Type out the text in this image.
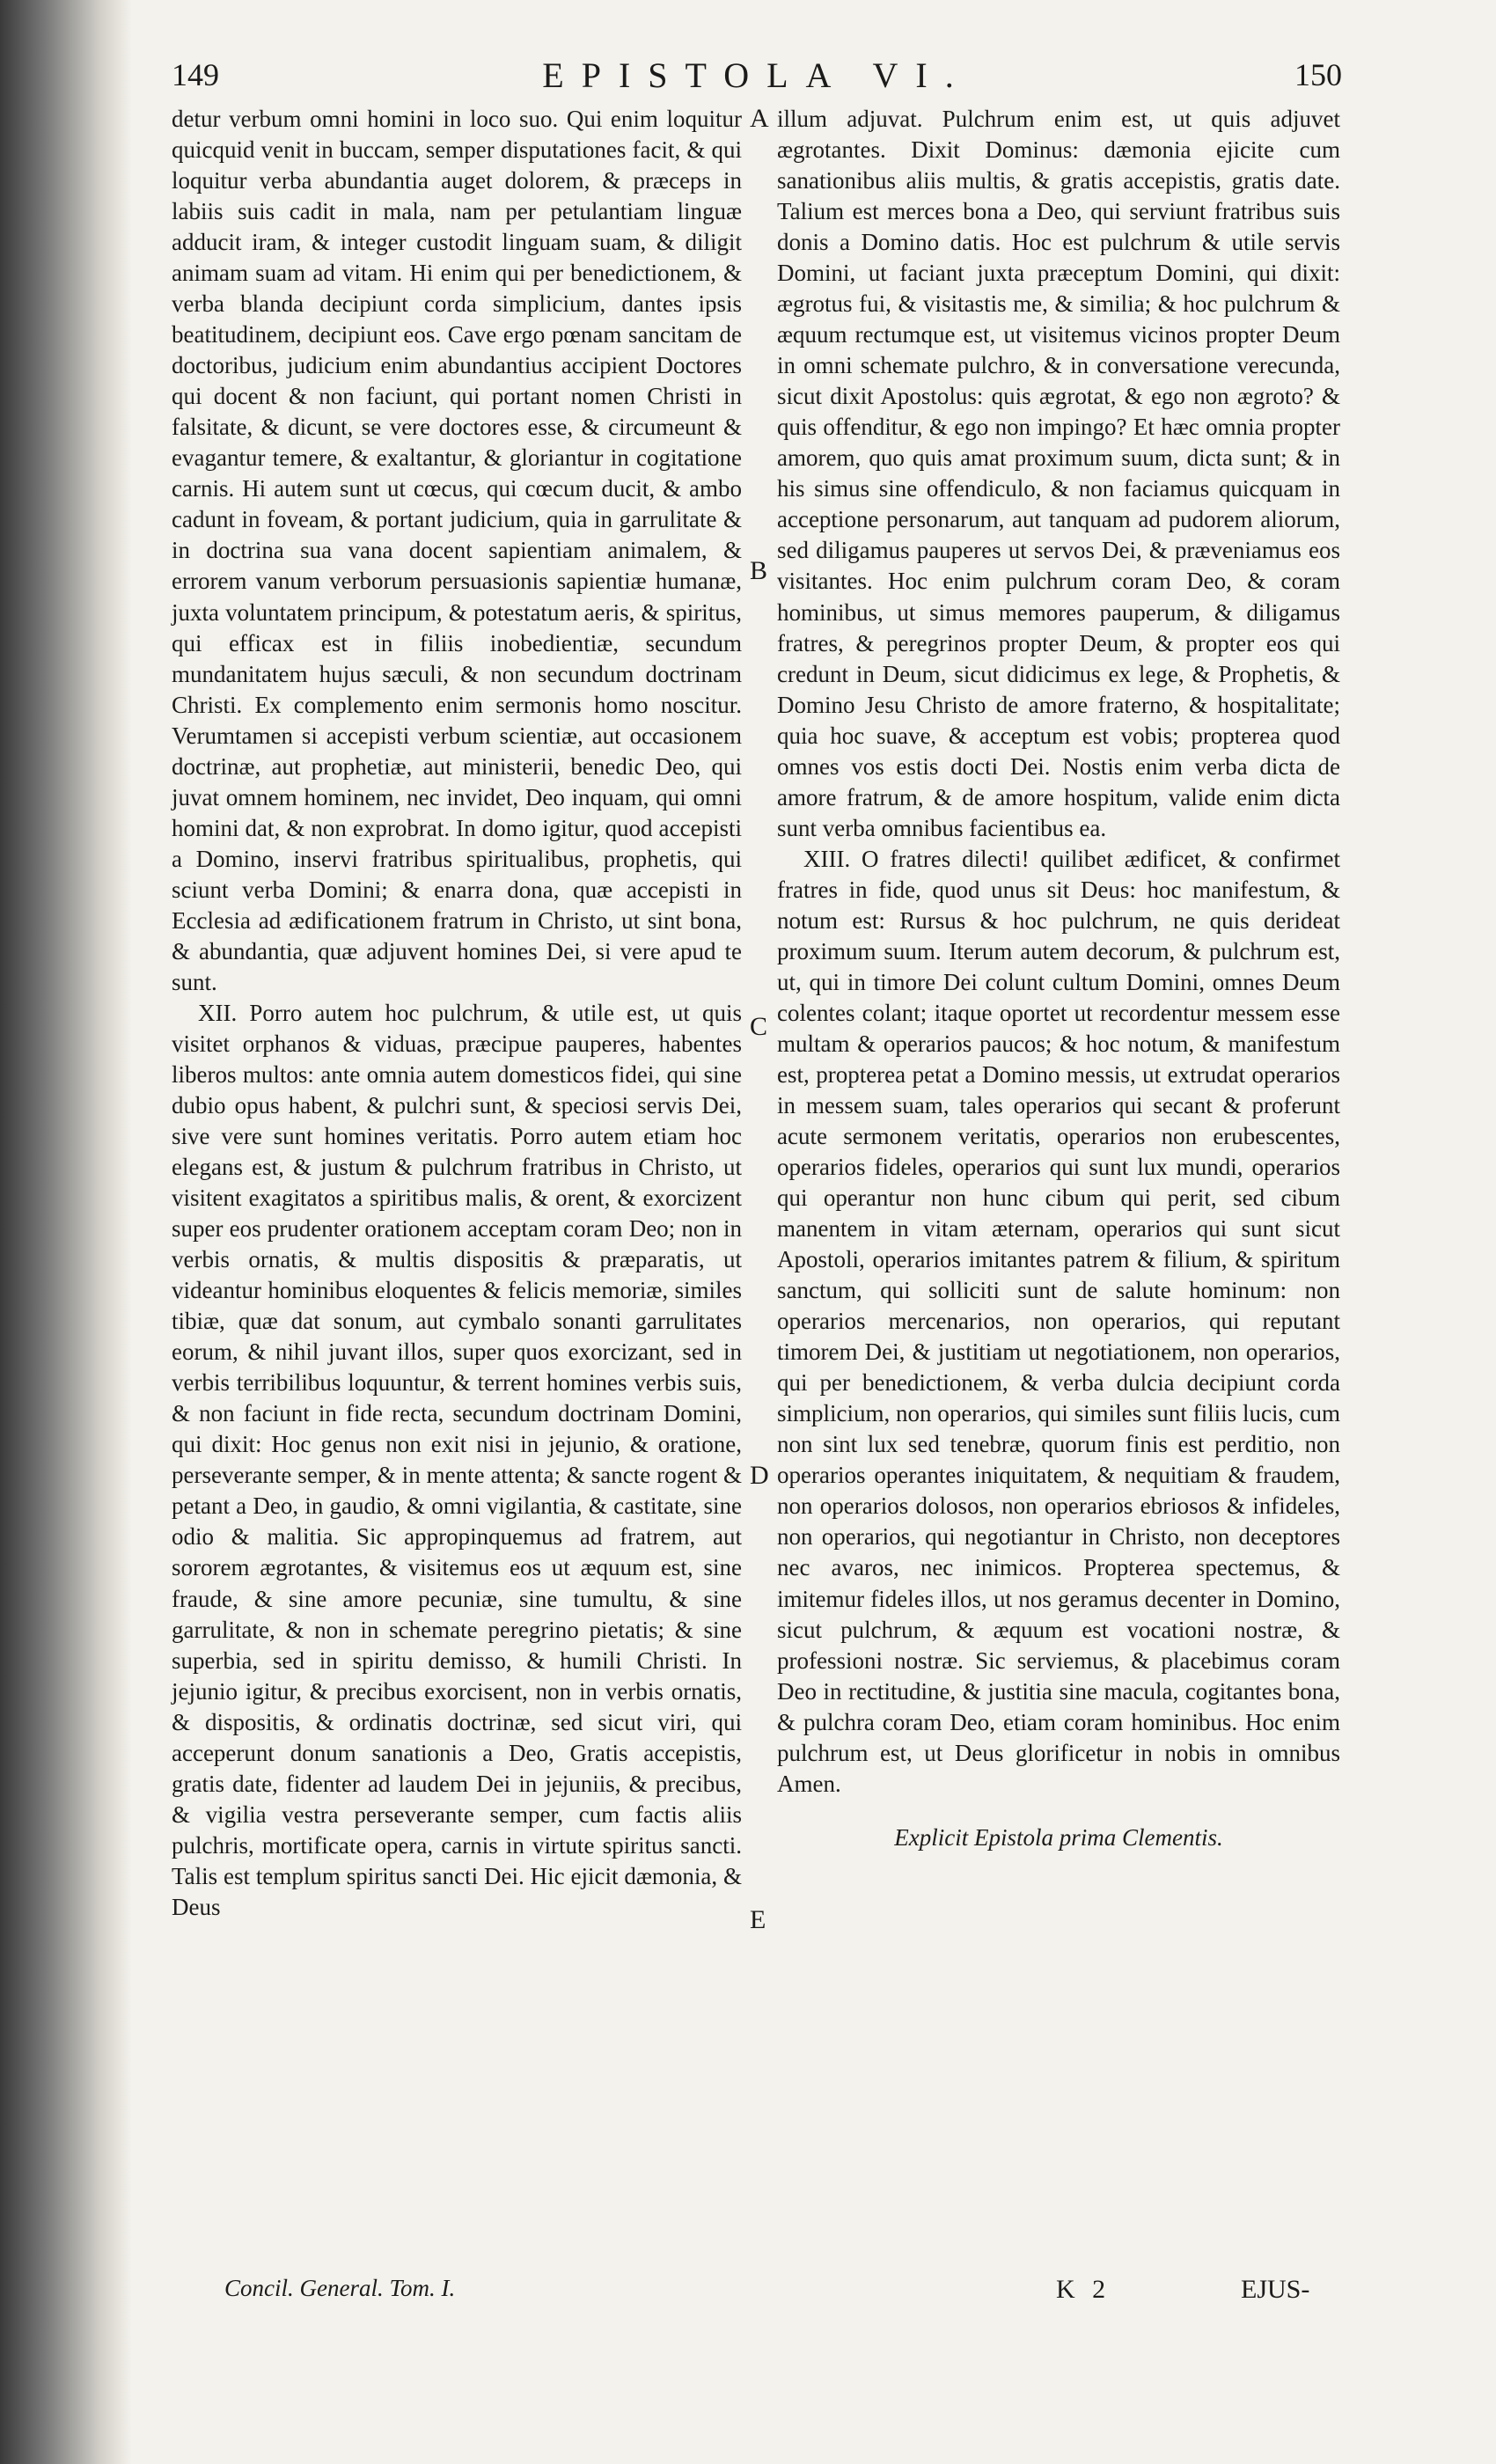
149	EPISTOLA VI.	150

detur verbum omni homini in loco suo. Qui enim loquitur quicquid venit in buccam, semper disputationes facit, & qui loquitur verba abundantia auget dolorem, & præceps in labiis suis cadit in mala, nam per petulantiam linguæ adducit iram, & integer custodit linguam suam, & diligit animam suam ad vitam. Hi enim qui per benedictionem, & verba blanda decipiunt corda simplicium, dantes ipsis beatitudinem, decipiunt eos. Cave ergo pœnam sancitam de doctoribus, judicium enim abundantius accipient Doctores qui docent & non faciunt, qui portant nomen Christi in falsitate, & dicunt, se vere doctores esse, & circumeunt & evagantur temere, & exaltantur, & gloriantur in cogitatione carnis. Hi autem sunt ut cœcus, qui cœcum ducit, & ambo cadunt in foveam, & portant judicium, quia in garrulitate & in doctrina sua vana docent sapientiam animalem, & errorem vanum verborum persuasionis sapientiæ humanæ, juxta voluntatem principum, & potestatum aeris, & spiritus, qui efficax est in filiis inobedientiæ, secundum mundanitatem hujus sæculi, & non secundum doctrinam Christi. Ex complemento enim sermonis homo noscitur. Verumtamen si accepisti verbum scientiæ, aut occasionem doctrinæ, aut prophetiæ, aut ministerii, benedic Deo, qui juvat omnem hominem, nec invidet, Deo inquam, qui omni homini dat, & non exprobrat. In domo igitur, quod accepisti a Domino, inservi fratribus spiritualibus, prophetis, qui sciunt verba Domini; & enarra dona, quæ accepisti in Ecclesia ad ædificationem fratrum in Christo, ut sint bona, & abundantia, quæ adjuvent homines Dei, si vere apud te sunt.

XII. Porro autem hoc pulchrum, & utile est, ut quis visitet orphanos & viduas, præcipue pauperes, habentes liberos multos: ante omnia autem domesticos fidei, qui sine dubio opus habent, & pulchri sunt, & speciosi servis Dei, sive vere sunt homines veritatis. Porro autem etiam hoc elegans est, & justum & pulchrum fratribus in Christo, ut visitent exagitatos a spiritibus malis, & orent, & exorcizent super eos prudenter orationem acceptam coram Deo; non in verbis ornatis, & multis dispositis & præparatis, ut videantur hominibus eloquentes & felicis memoriæ, similes tibiæ, quæ dat sonum, aut cymbalo sonanti garrulitates eorum, & nihil juvant illos, super quos exorcizant, sed in verbis terribilibus loquuntur, & terrent homines verbis suis, & non faciunt in fide recta, secundum doctrinam Domini, qui dixit: Hoc genus non exit nisi in jejunio, & oratione, perseverante semper, & in mente attenta; & sancte rogent & petant a Deo, in gaudio, & omni vigilantia, & castitate, sine odio & malitia. Sic appropinquemus ad fratrem, aut sororem ægrotantes, & visitemus eos ut æquum est, sine fraude, & sine amore pecuniæ, sine tumultu, & sine garrulitate, & non in schemate peregrino pietatis; & sine superbia, sed in spiritu demisso, & humili Christi. In jejunio igitur, & precibus exorcisent, non in verbis ornatis, & dispositis, & ordinatis doctrinæ, sed sicut viri, qui acceperunt donum sanationis a Deo, Gratis accepistis, gratis date, fidenter ad laudem Dei in jejuniis, & precibus, & vigilia vestra perseverante semper, cum factis aliis pulchris, mortificate opera, carnis in virtute spiritus sancti. Talis est templum spiritus sancti Dei. Hic ejicit dæmonia, & Deus

illum adjuvat. Pulchrum enim est, ut quis adjuvet ægrotantes. Dixit Dominus: dæmonia ejicite cum sanationibus aliis multis, & gratis accepistis, gratis date. Talium est merces bona a Deo, qui serviunt fratribus suis donis a Domino datis. Hoc est pulchrum & utile servis Domini, ut faciant juxta præceptum Domini, qui dixit: ægrotus fui, & visitastis me, & similia; & hoc pulchrum & æquum rectumque est, ut visitemus vicinos propter Deum in omni schemate pulchro, & in conversatione verecunda, sicut dixit Apostolus: quis ægrotat, & ego non ægroto? & quis offenditur, & ego non impingo? Et hæc omnia propter amorem, quo quis amat proximum suum, dicta sunt; & in his simus sine offendiculo, & non faciamus quicquam in acceptione personarum, aut tanquam ad pudorem aliorum, sed diligamus pauperes ut servos Dei, & præveniamus eos visitantes. Hoc enim pulchrum coram Deo, & coram hominibus, ut simus memores pauperum, & diligamus fratres, & peregrinos propter Deum, & propter eos qui credunt in Deum, sicut didicimus ex lege, & Prophetis, & Domino Jesu Christo de amore fraterno, & hospitalitate; quia hoc suave, & acceptum est vobis; propterea quod omnes vos estis docti Dei. Nostis enim verba dicta de amore fratrum, & de amore hospitum, valide enim dicta sunt verba omnibus facientibus ea.

XIII. O fratres dilecti! quilibet ædificet, & confirmet fratres in fide, quod unus sit Deus: hoc manifestum, & notum est: Rursus & hoc pulchrum, ne quis derideat proximum suum. Iterum autem decorum, & pulchrum est, ut, qui in timore Dei colunt cultum Domini, omnes Deum colentes colant; itaque oportet ut recordentur messem esse multam & operarios paucos; & hoc notum, & manifestum est, propterea petat a Domino messis, ut extrudat operarios in messem suam, tales operarios qui secant & proferunt acute sermonem veritatis, operarios non erubescentes, operarios fideles, operarios qui sunt lux mundi, operarios qui operantur non hunc cibum qui perit, sed cibum manentem in vitam æternam, operarios qui sunt sicut Apostoli, operarios imitantes patrem & filium, & spiritum sanctum, qui solliciti sunt de salute hominum: non operarios mercenarios, non operarios, qui reputant timorem Dei, & justitiam ut negotiationem, non operarios, qui per benedictionem, & verba dulcia decipiunt corda simplicium, non operarios, qui similes sunt filiis lucis, cum non sint lux sed tenebræ, quorum finis est perditio, non operarios operantes iniquitatem, & nequitiam & fraudem, non operarios dolosos, non operarios ebriosos & infideles, non operarios, qui negotiantur in Christo, non deceptores nec avaros, nec inimicos. Propterea spectemus, & imitemur fideles illos, ut nos geramus decenter in Domino, sicut pulchrum, & æquum est vocationi nostræ, & professioni nostræ. Sic serviemus, & placebimus coram Deo in rectitudine, & justitia sine macula, cogitantes bona, & pulchra coram Deo, etiam coram hominibus. Hoc enim pulchrum est, ut Deus glorificetur in nobis in omnibus Amen.

Explicit Epistola prima Clementis.

A
B
C
D
E
Concil. General. Tom. I.	K 2	EJUS-
